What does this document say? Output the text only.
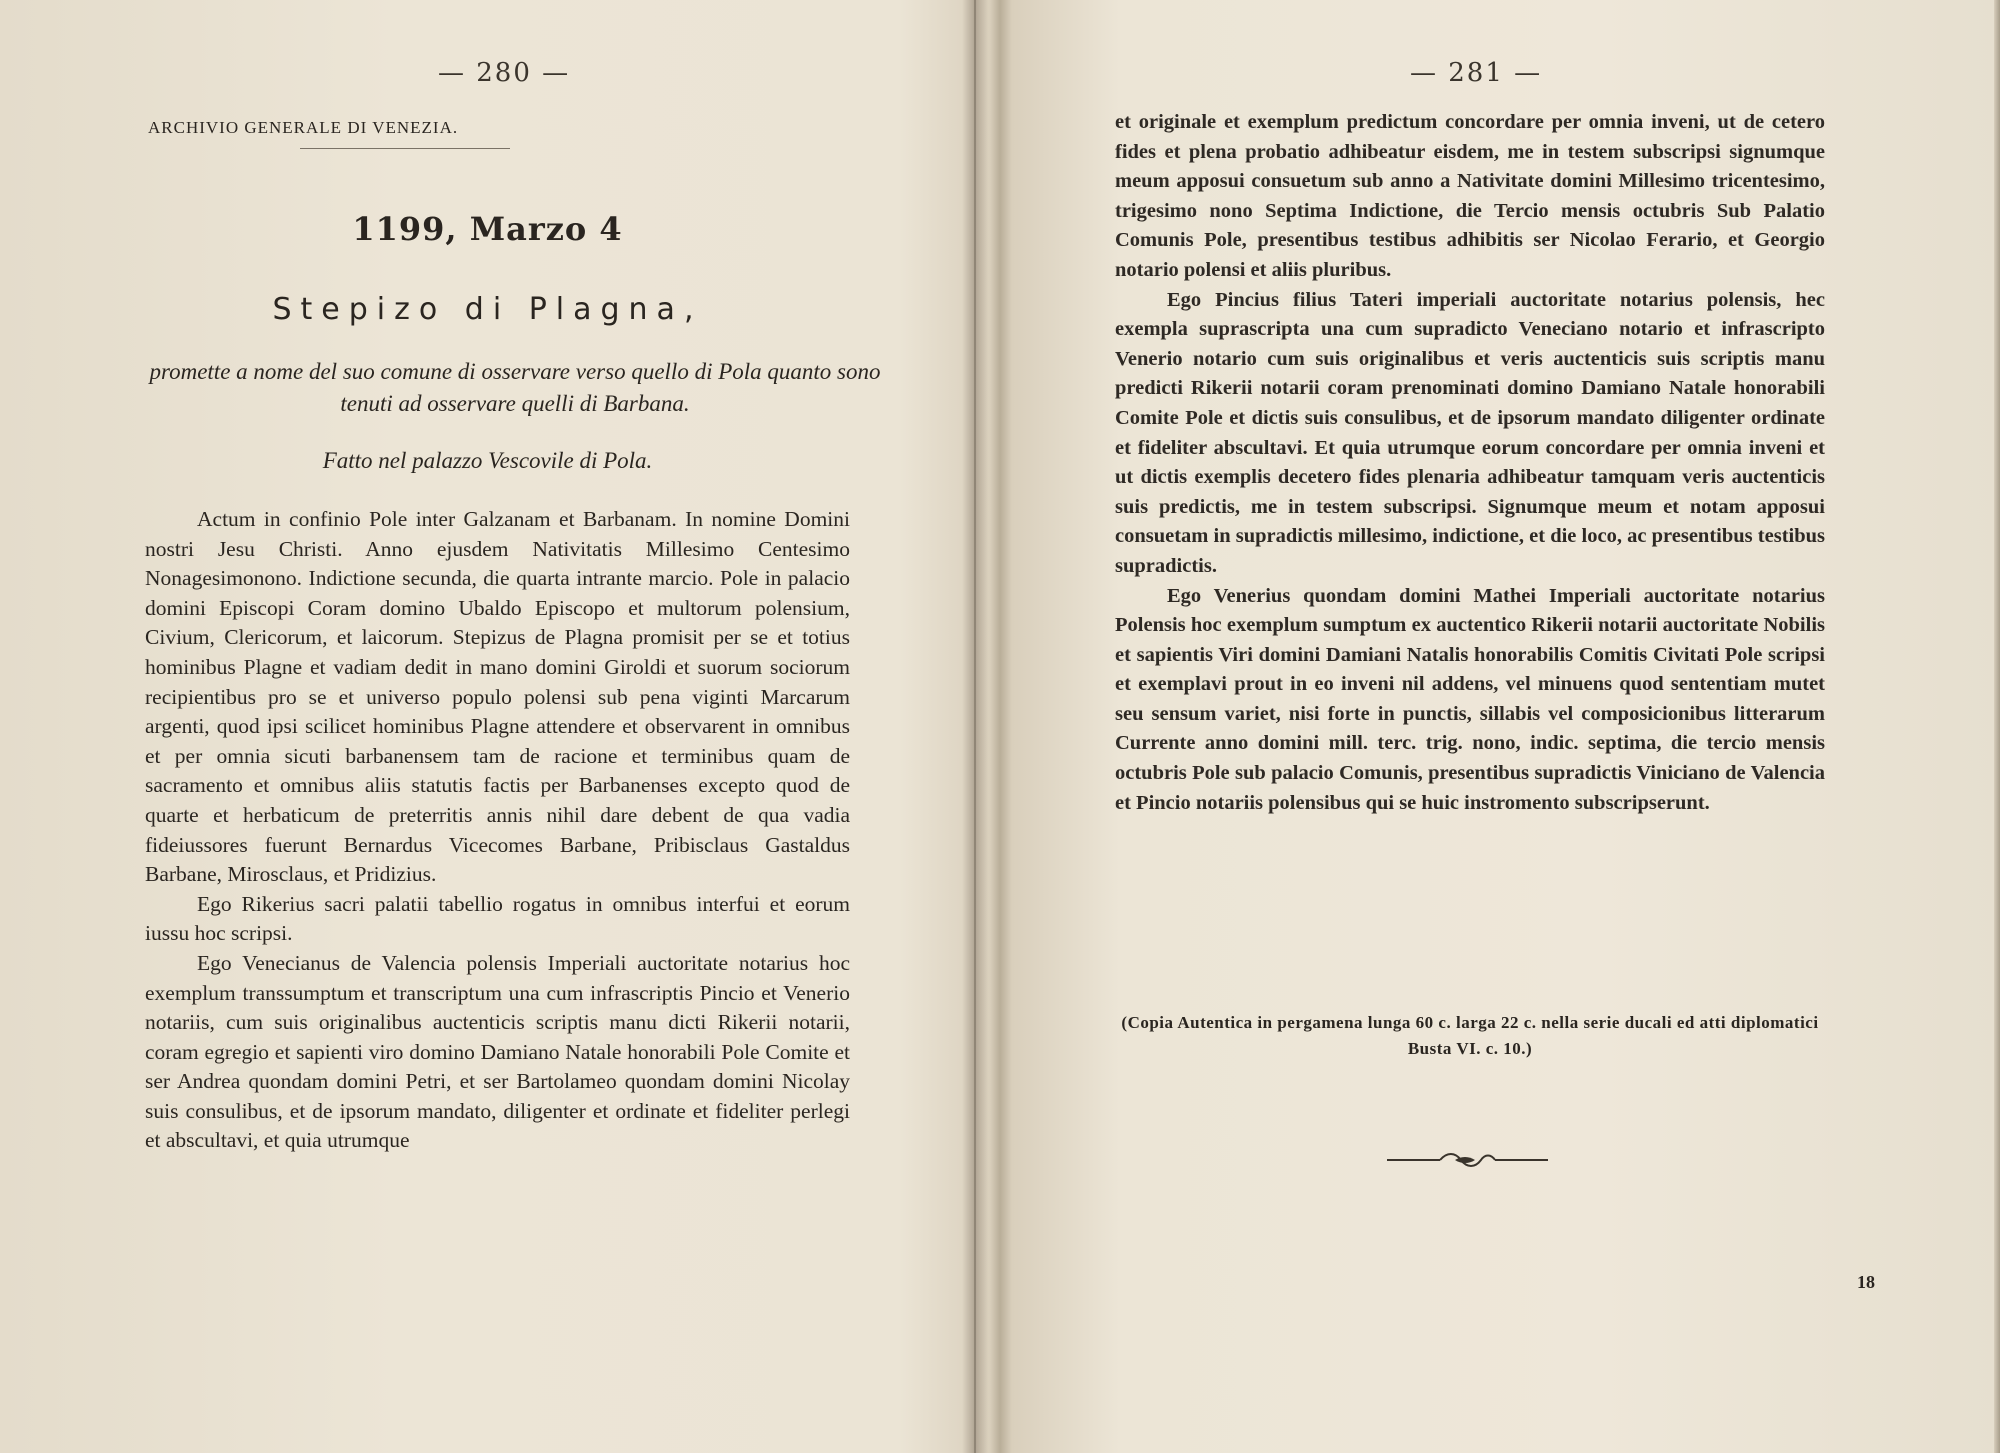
— 280 —
ARCHIVIO GENERALE DI VENEZIA.
1199, Marzo 4
Stepizo di Plagna,
promette a nome del suo comune di osservare verso quello di Pola quanto sono tenuti ad osservare quelli di Barbana.
Fatto nel palazzo Vescovile di Pola.

Actum in confinio Pole inter Galzanam et Barbanam. In nomine Domini nostri Jesu Christi. Anno ejusdem Nativitatis Millesimo Centesimo Nonagesimonono. Indictione secunda, die quarta intrante marcio. Pole in palacio domini Episcopi Coram domino Ubaldo Episcopo et multorum polensium, Civium, Clericorum, et laicorum. Stepizus de Plagna promisit per se et totius hominibus Plagne et vadiam dedit in mano domini Giroldi et suorum sociorum recipientibus pro se et universo populo polensi sub pena viginti Marcarum argenti, quod ipsi scilicet hominibus Plagne attendere et observarent in omnibus et per omnia sicuti barbanensem tam de racione et terminibus quam de sacramento et omnibus aliis statutis factis per Barbanenses excepto quod de quarte et herbaticum de preterritis annis nihil dare debent de qua vadia fideiussores fuerunt Bernardus Vicecomes Barbane, Pribisclaus Gastaldus Barbane, Mirosclaus, et Pridizius.

Ego Rikerius sacri palatii tabellio rogatus in omnibus interfui et eorum iussu hoc scripsi.

Ego Venecianus de Valencia polensis Imperiali auctoritate notarius hoc exemplum transsumptum et transcriptum una cum infrascriptis Pincio et Venerio notariis, cum suis originalibus auctenticis scriptis manu dicti Rikerii notarii, coram egregio et sapienti viro domino Damiano Natale honorabili Pole Comite et ser Andrea quondam domini Petri, et ser Bartolameo quondam domini Nicolay suis consulibus, et de ipsorum mandato, diligenter et ordinate et fideliter perlegi et abscultavi, et quia utrumque

— 281 —

et originale et exemplum predictum concordare per omnia inveni, ut de cetero fides et plena probatio adhibeatur eisdem, me in testem subscripsi signumque meum apposui consuetum sub anno a Nativitate domini Millesimo tricentesimo, trigesimo nono Septima Indictione, die Tercio mensis octubris Sub Palatio Comunis Pole, presentibus testibus adhibitis ser Nicolao Ferario, et Georgio notario polensi et aliis pluribus.

Ego Pincius filius Tateri imperiali auctoritate notarius polensis, hec exempla suprascripta una cum supradicto Veneciano notario et infrascripto Venerio notario cum suis originalibus et veris auctenticis suis scriptis manu predicti Rikerii notarii coram prenominati domino Damiano Natale honorabili Comite Pole et dictis suis consulibus, et de ipsorum mandato diligenter ordinate et fideliter abscultavi. Et quia utrumque eorum concordare per omnia inveni et ut dictis exemplis decetero fides plenaria adhibeatur tamquam veris auctenticis suis predictis, me in testem subscripsi. Signumque meum et notam apposui consuetam in supradictis millesimo, indictione, et die loco, ac presentibus testibus supradictis.

Ego Venerius quondam domini Mathei Imperiali auctoritate notarius Polensis hoc exemplum sumptum ex auctentico Rikerii notarii auctoritate Nobilis et sapientis Viri domini Damiani Natalis honorabilis Comitis Civitati Pole scripsi et exemplavi prout in eo inveni nil addens, vel minuens quod sententiam mutet seu sensum variet, nisi forte in punctis, sillabis vel composicionibus litterarum Currente anno domini mill. terc. trig. nono, indic. septima, die tercio mensis octubris Pole sub palacio Comunis, presentibus supradictis Viniciano de Valencia et Pincio notariis polensibus qui se huic instromento subscripserunt.

(Copia Autentica in pergamena lunga 60 c. larga 22 c. nella serie ducali ed atti diplomatici Busta VI. c. 10.)
18
